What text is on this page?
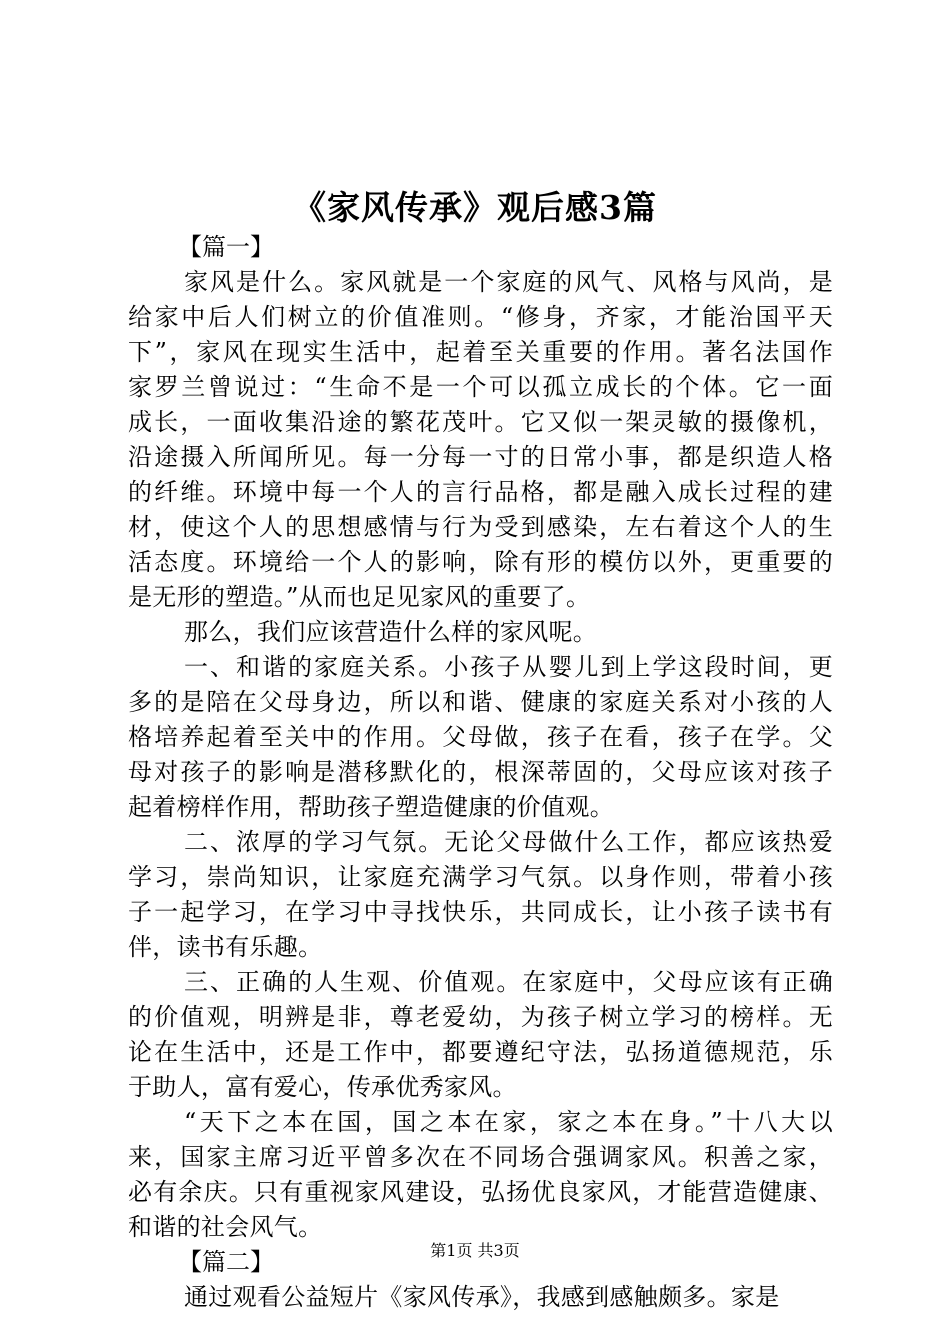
《家风传承》观后感3篇
【篇一】
家风是什么。家风就是一个家庭的风气、风格与风尚，是
给家中后人们树立的价值准则。“修身，齐家，才能治国平天
下”，家风在现实生活中，起着至关重要的作用。著名法国作
家罗兰曾说过：“生命不是一个可以孤立成长的个体。它一面
成长，一面收集沿途的繁花茂叶。它又似一架灵敏的摄像机，
沿途摄入所闻所见。每一分每一寸的日常小事，都是织造人格
的纤维。环境中每一个人的言行品格，都是融入成长过程的建
材，使这个人的思想感情与行为受到感染，左右着这个人的生
活态度。环境给一个人的影响，除有形的模仿以外，更重要的
是无形的塑造。”从而也足见家风的重要了。
那么，我们应该营造什么样的家风呢。
一、和谐的家庭关系。小孩子从婴儿到上学这段时间，更
多的是陪在父母身边，所以和谐、健康的家庭关系对小孩的人
格培养起着至关中的作用。父母做，孩子在看，孩子在学。父
母对孩子的影响是潜移默化的，根深蒂固的，父母应该对孩子
起着榜样作用，帮助孩子塑造健康的价值观。
二、浓厚的学习气氛。无论父母做什么工作，都应该热爱
学习，崇尚知识，让家庭充满学习气氛。以身作则，带着小孩
子一起学习，在学习中寻找快乐，共同成长，让小孩子读书有
伴，读书有乐趣。
三、正确的人生观、价值观。在家庭中，父母应该有正确
的价值观，明辨是非，尊老爱幼，为孩子树立学习的榜样。无
论在生活中，还是工作中，都要遵纪守法，弘扬道德规范，乐
于助人，富有爱心，传承优秀家风。
“天下之本在国，国之本在家，家之本在身。”十八大以
来，国家主席习近平曾多次在不同场合强调家风。积善之家，
必有余庆。只有重视家风建设，弘扬优良家风，才能营造健康、
和谐的社会风气。
【篇二】
通过观看公益短片《家风传承》，我感到感触颇多。家是
第1页 共3页
